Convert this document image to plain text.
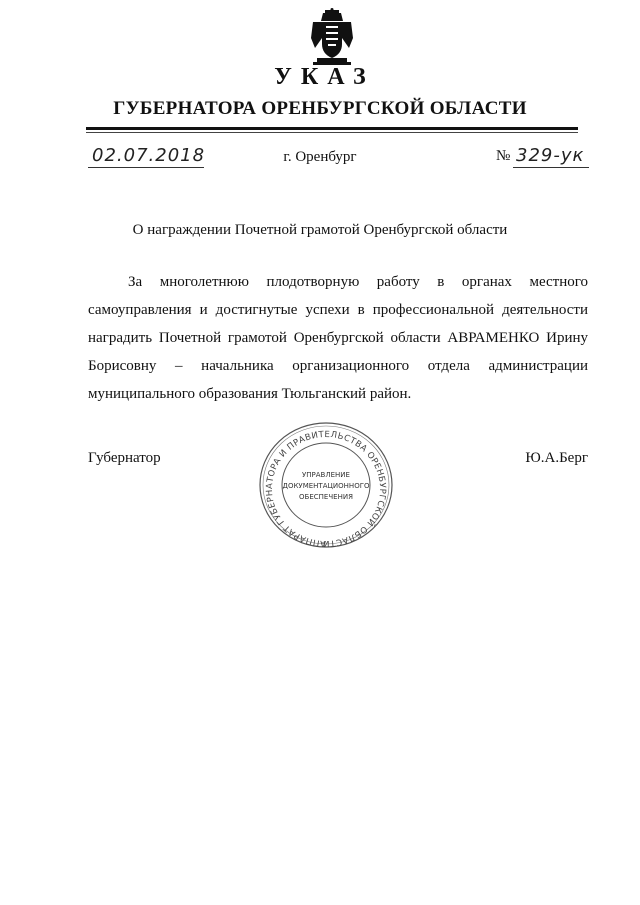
УКАЗ
ГУБЕРНАТОРА ОРЕНБУРГСКОЙ ОБЛАСТИ
02.07.2018	г. Оренбург	№ 329-ук
О награждении Почетной грамотой Оренбургской области
За многолетнюю плодотворную работу в органах местного
самоуправления и достигнутые успехи в профессиональной деятельности
наградить Почетной грамотой Оренбургской области АВРАМЕНКО Ирину
Борисовну – начальника организационного отдела администрации
муниципального образования Тюльганский район.
Губернатор	Ю.А.Берг
АППАРАТ ГУБЕРНАТОРА И ПРАВИТЕЛЬСТВА ОРЕНБУРГСКОЙ ОБЛАСТИ
УПРАВЛЕНИЕ
ДОКУМЕНТАЦИОННОГО
ОБЕСПЕЧЕНИЯ
